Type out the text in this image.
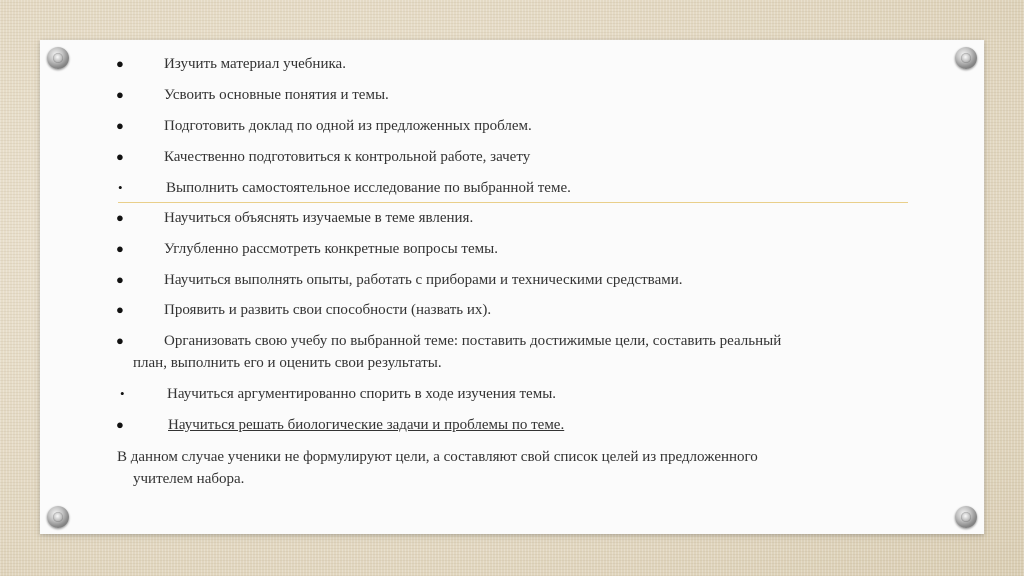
●	Изучить материал учебника.
●	Усвоить основные понятия и темы.
●	Подготовить доклад по одной из предложенных проблем.
●	Качественно подготовиться к контрольной работе, зачету
•	Выполнить самостоятельное исследование по выбранной теме.
●	Научиться объяснять изучаемые в теме явления.
●	Углубленно рассмотреть конкретные вопросы темы.
●	Научиться выполнять опыты, работать с приборами и техническими средствами.
●	Проявить и развить свои способности (назвать их).
●	Организовать свою учебу по выбранной теме: поставить достижимые цели, составить реальный
план, выполнить его и оценить свои результаты.
•	Научиться аргументированно спорить в ходе изучения темы.
●	Научиться решать биологические задачи и проблемы по теме.
В данном случае ученики не формулируют цели, а составляют свой список целей из предложенного
учителем набора.
